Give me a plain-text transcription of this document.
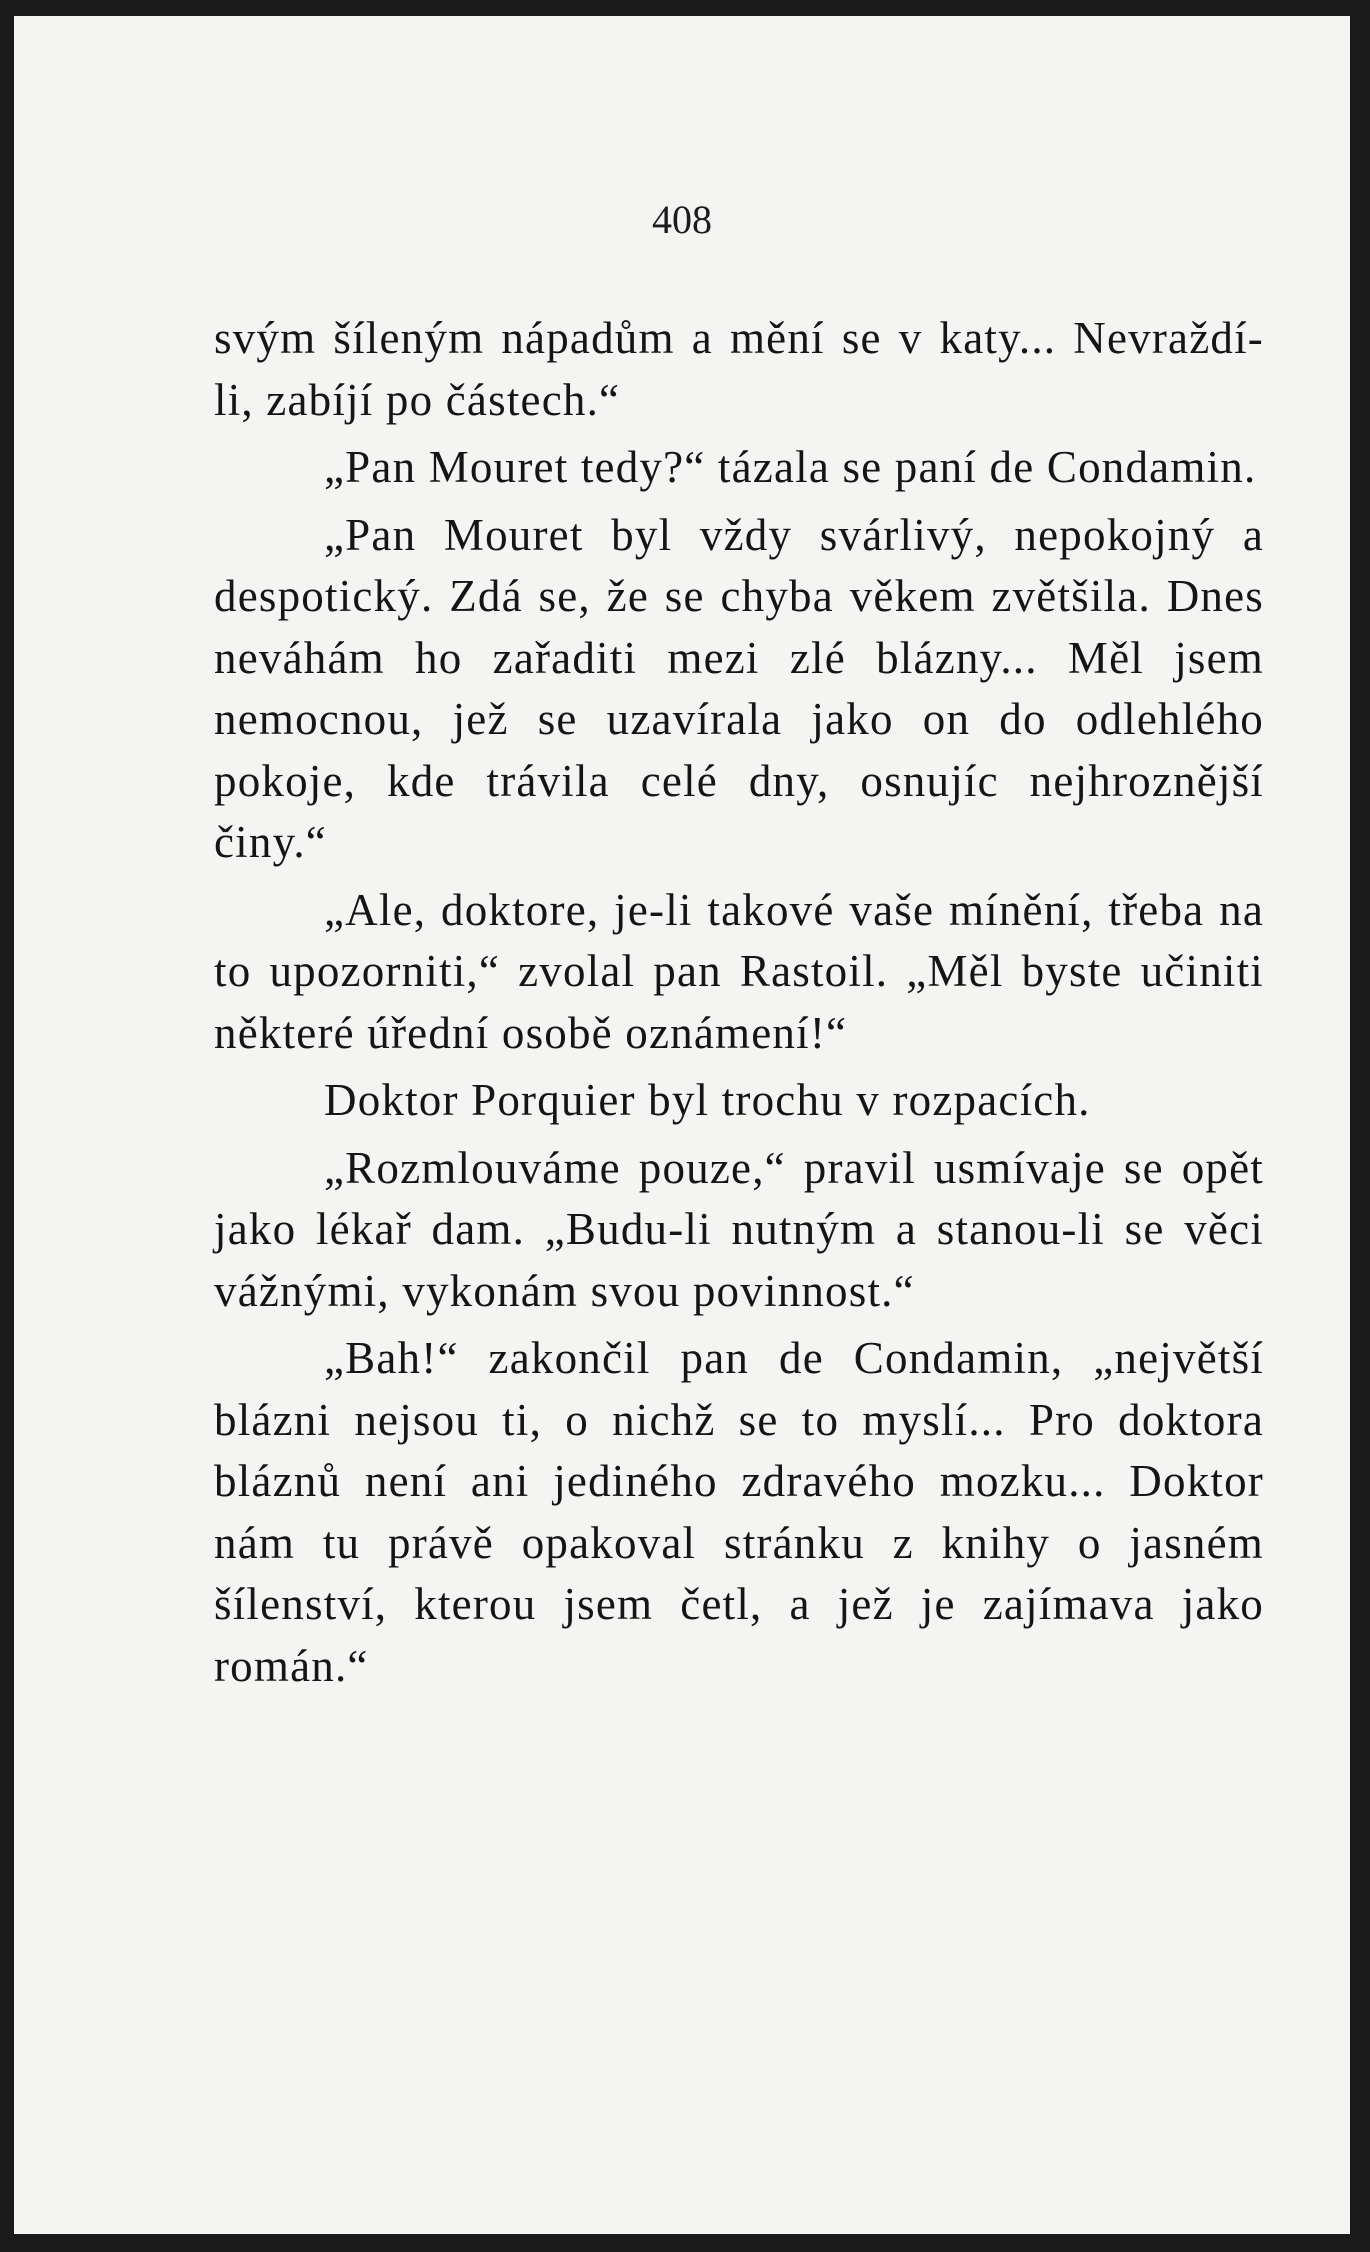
408

svým šíleným nápadům a mění se v katy... Nevraždí-li, zabíjí po částech.“

„Pan Mouret tedy?“ tázala se paní de Condamin.

„Pan Mouret byl vždy svárlivý, nepokojný a despotický. Zdá se, že se chyba věkem zvětšila. Dnes neváhám ho zařaditi mezi zlé blázny... Měl jsem nemocnou, jež se uzavírala jako on do odlehlého pokoje, kde trávila celé dny, osnujíc nejhroznější činy.“

„Ale, doktore, je-li takové vaše mínění, třeba na to upozorniti,“ zvolal pan Rastoil. „Měl byste učiniti některé úřední osobě oznámení!“

Doktor Porquier byl trochu v rozpacích.

„Rozmlouváme pouze,“ pravil usmívaje se opět jako lékař dam. „Budu-li nutným a stanou-li se věci vážnými, vykonám svou povinnost.“

„Bah!“ zakončil pan de Condamin, „největší blázni nejsou ti, o nichž se to myslí... Pro doktora bláznů není ani jediného zdravého mozku... Doktor nám tu právě opakoval stránku z knihy o jasném šílenství, kterou jsem četl, a jež je zajímava jako román.“
